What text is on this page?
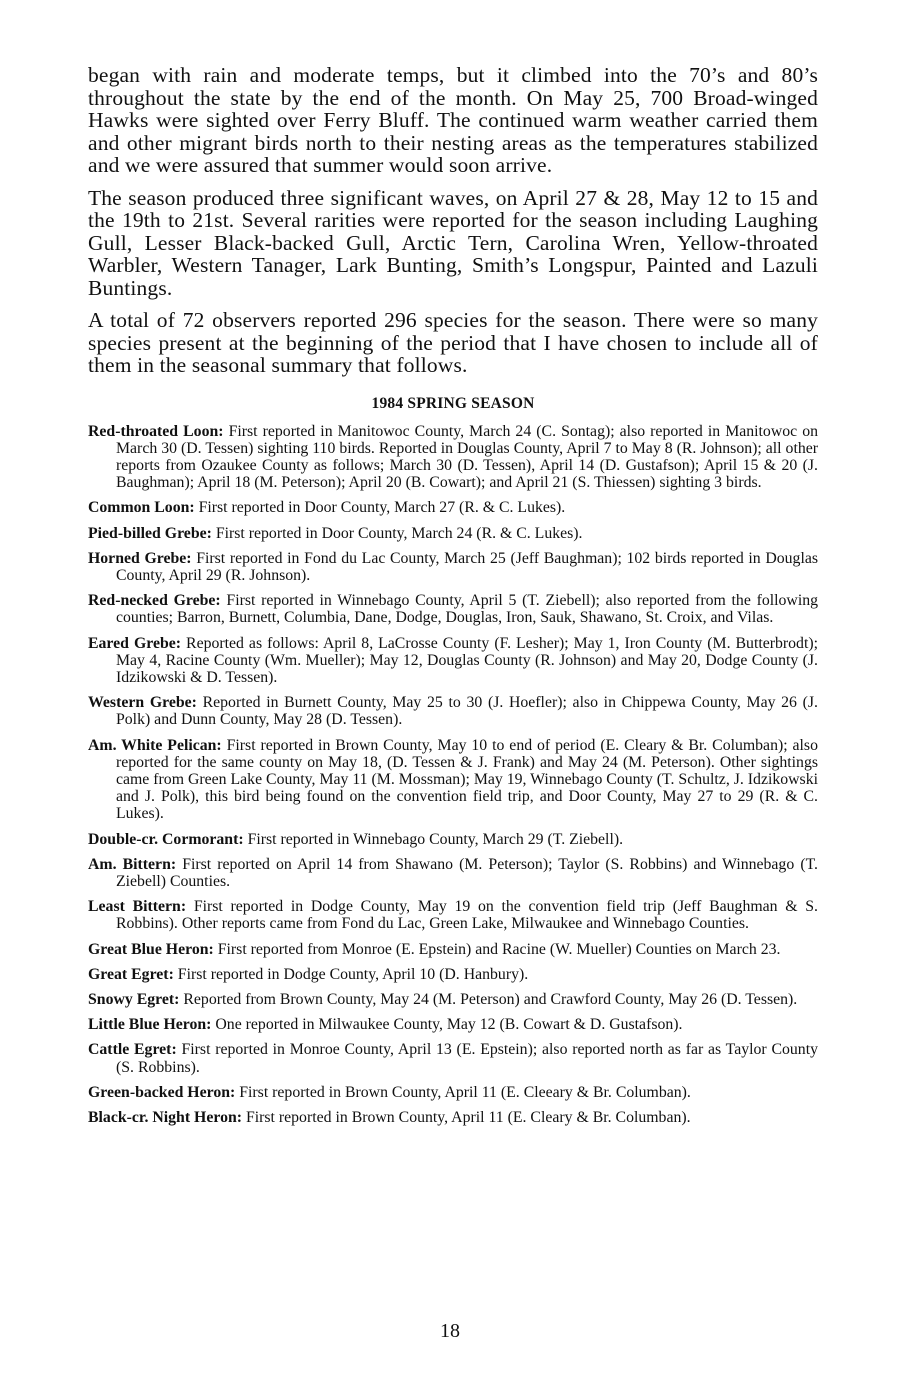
began with rain and moderate temps, but it climbed into the 70’s and 80’s throughout the state by the end of the month. On May 25, 700 Broad-winged Hawks were sighted over Ferry Bluff. The continued warm weather carried them and other migrant birds north to their nesting areas as the temperatures stabilized and we were assured that summer would soon arrive.

The season produced three significant waves, on April 27 & 28, May 12 to 15 and the 19th to 21st. Several rarities were reported for the season including Laughing Gull, Lesser Black-backed Gull, Arctic Tern, Carolina Wren, Yellow-throated Warbler, Western Tanager, Lark Bunting, Smith’s Longspur, Painted and Lazuli Buntings.

A total of 72 observers reported 296 species for the season. There were so many species present at the beginning of the period that I have chosen to include all of them in the seasonal summary that follows.

1984 SPRING SEASON

Red-throated Loon: First reported in Manitowoc County, March 24 (C. Sontag); also reported in Manitowoc on March 30 (D. Tessen) sighting 110 birds. Reported in Douglas County, April 7 to May 8 (R. Johnson); all other reports from Ozaukee County as follows; March 30 (D. Tessen), April 14 (D. Gustafson); April 15 & 20 (J. Baughman); April 18 (M. Peterson); April 20 (B. Cowart); and April 21 (S. Thiessen) sighting 3 birds.

Common Loon: First reported in Door County, March 27 (R. & C. Lukes).

Pied-billed Grebe: First reported in Door County, March 24 (R. & C. Lukes).

Horned Grebe: First reported in Fond du Lac County, March 25 (Jeff Baughman); 102 birds reported in Douglas County, April 29 (R. Johnson).

Red-necked Grebe: First reported in Winnebago County, April 5 (T. Ziebell); also reported from the following counties; Barron, Burnett, Columbia, Dane, Dodge, Douglas, Iron, Sauk, Shawano, St. Croix, and Vilas.

Eared Grebe: Reported as follows: April 8, LaCrosse County (F. Lesher); May 1, Iron County (M. Butterbrodt); May 4, Racine County (Wm. Mueller); May 12, Douglas County (R. Johnson) and May 20, Dodge County (J. Idzikowski & D. Tessen).

Western Grebe: Reported in Burnett County, May 25 to 30 (J. Hoefler); also in Chippewa County, May 26 (J. Polk) and Dunn County, May 28 (D. Tessen).

Am. White Pelican: First reported in Brown County, May 10 to end of period (E. Cleary & Br. Columban); also reported for the same county on May 18, (D. Tessen & J. Frank) and May 24 (M. Peterson). Other sightings came from Green Lake County, May 11 (M. Mossman); May 19, Winnebago County (T. Schultz, J. Idzikowski and J. Polk), this bird being found on the convention field trip, and Door County, May 27 to 29 (R. & C. Lukes).

Double-cr. Cormorant: First reported in Winnebago County, March 29 (T. Ziebell).

Am. Bittern: First reported on April 14 from Shawano (M. Peterson); Taylor (S. Robbins) and Winnebago (T. Ziebell) Counties.

Least Bittern: First reported in Dodge County, May 19 on the convention field trip (Jeff Baughman & S. Robbins). Other reports came from Fond du Lac, Green Lake, Milwaukee and Winnebago Counties.

Great Blue Heron: First reported from Monroe (E. Epstein) and Racine (W. Mueller) Counties on March 23.

Great Egret: First reported in Dodge County, April 10 (D. Hanbury).

Snowy Egret: Reported from Brown County, May 24 (M. Peterson) and Crawford County, May 26 (D. Tessen).

Little Blue Heron: One reported in Milwaukee County, May 12 (B. Cowart & D. Gustafson).

Cattle Egret: First reported in Monroe County, April 13 (E. Epstein); also reported north as far as Taylor County (S. Robbins).

Green-backed Heron: First reported in Brown County, April 11 (E. Cleeary & Br. Columban).

Black-cr. Night Heron: First reported in Brown County, April 11 (E. Cleary & Br. Columban).

18
